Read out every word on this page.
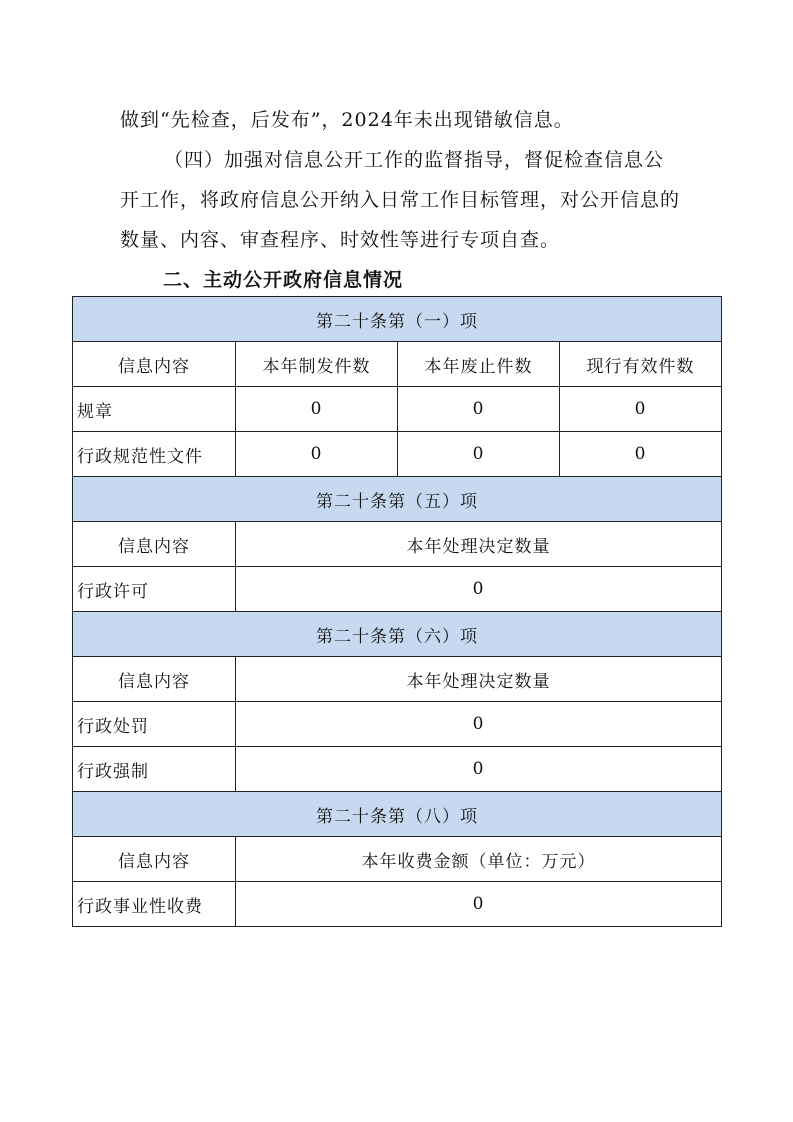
做到“先检查，后发布”，2024年未出现错敏信息。

（四）加强对信息公开工作的监督指导，督促检查信息公开工作，将政府信息公开纳入日常工作目标管理，对公开信息的数量、内容、审查程序、时效性等进行专项自查。

二、主动公开政府信息情况
第二十条第（一）项			
信息内容	本年制发件数	本年废止件数	现行有效件数
规章	0	0	0
行政规范性文件	0	0	0
第二十条第（五）项			
信息内容	本年处理决定数量		
行政许可	0		
第二十条第（六）项			
信息内容	本年处理决定数量		
行政处罚	0		
行政强制	0		
第二十条第（八）项			
信息内容	本年收费金额（单位：万元）		
行政事业性收费	0		
